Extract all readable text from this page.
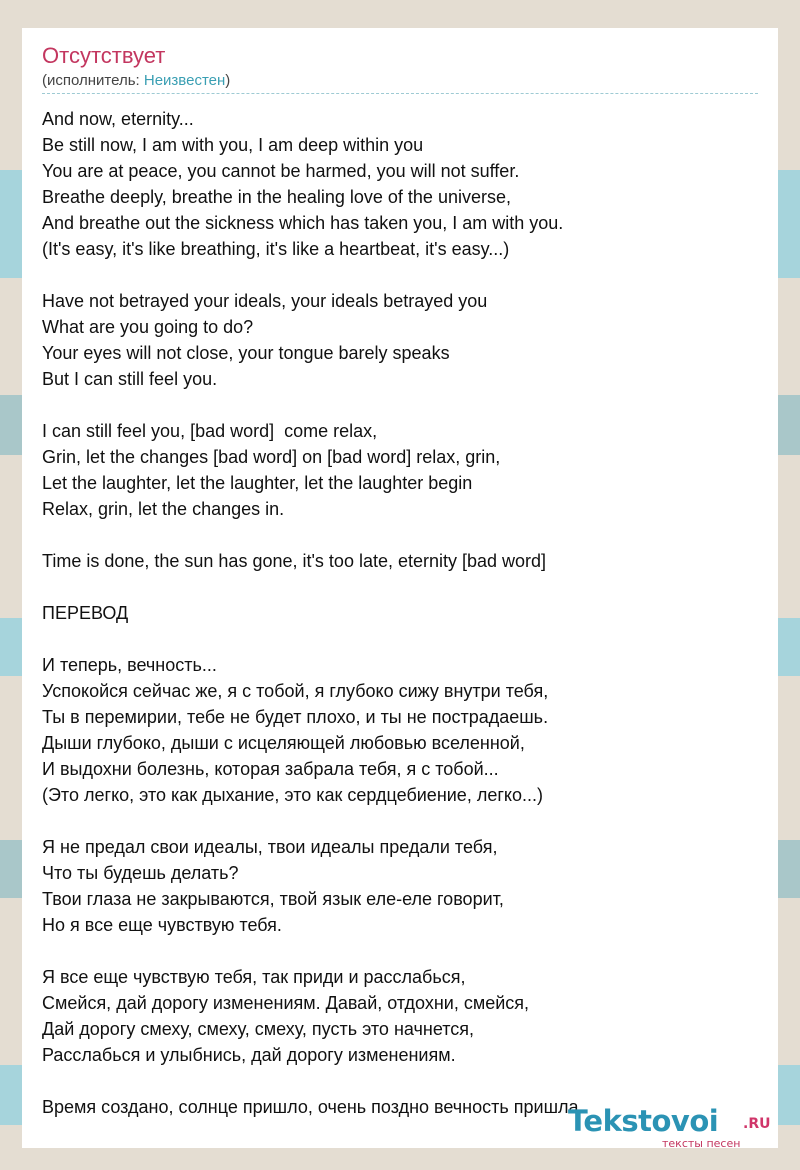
Отсутствует
(исполнитель: Неизвестен)
And now, eternity...
Be still now, I am with you, I am deep within you
You are at peace, you cannot be harmed, you will not suffer.
Breathe deeply, breathe in the healing love of the universe,
And breathe out the sickness which has taken you, I am with you.
(It's easy, it's like breathing, it's like a heartbeat, it's easy...)
Have not betrayed your ideals, your ideals betrayed you
What are you going to do?
Your eyes will not close, your tongue barely speaks
But I can still feel you.
I can still feel you, [bad word]  come relax,
Grin, let the changes [bad word] on [bad word] relax, grin,
Let the laughter, let the laughter, let the laughter begin
Relax, grin, let the changes in.
Time is done, the sun has gone, it's too late, eternity [bad word]
ПЕРЕВОД
И теперь, вечность...
Успокойся сейчас же, я с тобой, я глубоко сижу внутри тебя,
Ты в перемирии, тебе не будет плохо, и ты не пострадаешь.
Дыши глубоко, дыши с исцеляющей любовью вселенной,
И выдохни болезнь, которая забрала тебя, я с тобой...
(Это легко, это как дыхание, это как сердцебиение, легко...)
Я не предал свои идеалы, твои идеалы предали тебя,
Что ты будешь делать?
Твои глаза не закрываются, твой язык еле-еле говорит,
Но я все еще чувствую тебя.
Я все еще чувствую тебя, так приди и расслабься,
Смейся, дай дорогу изменениям. Давай, отдохни, смейся,
Дай дорогу смеху, смеху, смеху, пусть это начнется,
Расслабься и улыбнись, дай дорогу изменениям.
Время создано, солнце пришло, очень поздно вечность пришла.
Tekstovoi .RU
тексты песен
